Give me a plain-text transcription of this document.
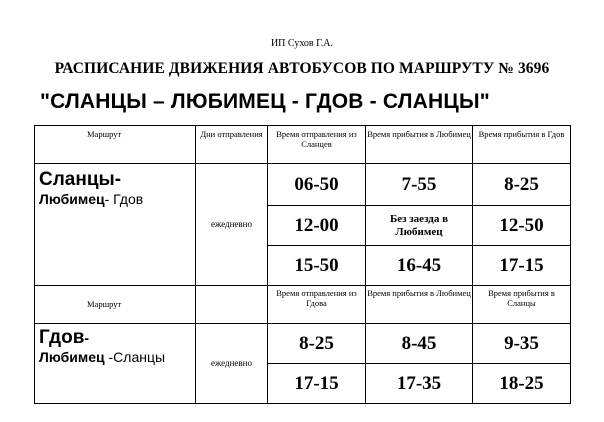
ИП Сухов Г.А.
РАСПИСАНИЕ ДВИЖЕНИЯ АВТОБУСОВ ПО МАРШРУТУ № 3696
"СЛАНЦЫ – ЛЮБИМЕЦ - ГДОВ - СЛАНЦЫ"
Маршрут	Дни отправления	Время отправления из Сланцев	Время прибытия в Любимец	Время прибытия в Гдов

Сланцы-
Любимец- Гдов	ежедневно	06-50	7-55	8-25
		12-00	Без заезда в Любимец	12-50
		15-50	16-45	17-15
Маршрут		Время отправления из Гдова	Время прибытия в Любимец	Время прибытия в Сланцы

Гдов-
Любимец -Сланцы	ежедневно	8-25	8-45	9-35
		17-15	17-35	18-25
